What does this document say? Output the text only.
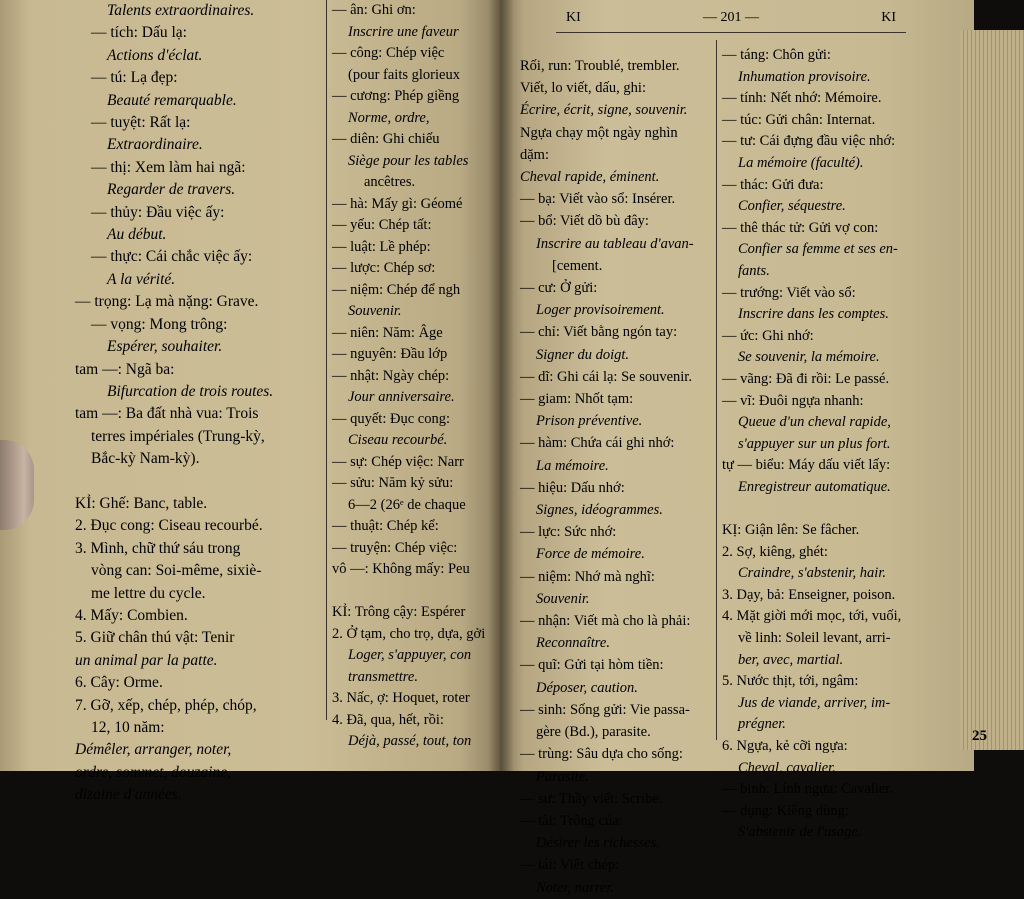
KI	— 201 —	KI
Talents extraordinaires.
— tích: Dấu lạ:
Actions d'éclat.
— tú: Lạ đẹp:
Beauté remarquable.
— tuyệt: Rất lạ:
Extraordinaire.
— thị: Xem làm hai ngã:
Regarder de travers.
— thủy: Đầu việc ấy:
Au début.
— thực: Cái chắc việc ấy:
A la vérité.
— trọng: Lạ mà nặng: Grave.
— vọng: Mong trông:
Espérer, souhaiter.
tam —: Ngã ba:
Bifurcation de trois routes.
tam —: Ba đất nhà vua: Trois
terres impériales (Trung-kỳ,
Bắc-kỳ Nam-kỳ).

KỈ: Ghế: Banc, table.
2. Đục cong: Ciseau recourbé.
3. Mình, chữ thứ sáu trong
vòng can: Soi-même, sixiè-
me lettre du cycle.
4. Mấy: Combien.
5. Giữ chân thú vật: Tenir
un animal par la patte.
6. Cây: Orme.
7. Gỡ, xếp, chép, phép, chóp,
12, 10 năm:
Démêler, arranger, noter,
ordre, sommet, douzaine,
dizaine d'années.
— ân: Ghi ơn:
Inscrire une faveur
— công: Chép việc
(pour faits glorieux
— cương: Phép giềng
Norme, ordre,
— diên: Ghi chiếu
Siège pour les tables
ancêtres.
— hà: Mấy gì: Géomé
— yếu: Chép tất:
— luật: Lề phép:
— lược: Chép sơ:
— niệm: Chép để ngh
Souvenir.
— niên: Năm: Âge
— nguyên: Đầu lớp
— nhật: Ngày chép:
Jour anniversaire.
— quyết: Đục cong:
Ciseau recourbé.
— sự: Chép việc: Narr
— sửu: Năm kỷ sửu:
6—2 (26ᵉ de chaque
— thuật: Chép kể:
— truyện: Chép việc:
vô —: Không mấy: Peu

KỈ: Trông cậy: Espérer
2. Ở tạm, cho trọ, dựa, gởi
Loger, s'appuyer, con
transmettre.
3. Nấc, ợ: Hoquet, roter
4. Đã, qua, hết, rồi:
Déjà, passé, tout, ton
Rối, run: Troublé, trembler.
Viết, lo viết, dấu, ghi:
Écrire, écrit, signe, souvenir.
Ngựa chạy một ngày nghìn
dặm:
Cheval rapide, éminent.
— bạ: Viết vào sổ: Insérer.
— bổ: Viết dồ bù đây:
Inscrire au tableau d'avan-
[cement.
— cư: Ở gửi:
Loger provisoirement.
— chỉ: Viết bằng ngón tay:
Signer du doigt.
— dĩ: Ghi cái lạ: Se souvenir.
— giam: Nhốt tạm:
Prison préventive.
— hàm: Chứa cái ghi nhớ:
La mémoire.
— hiệu: Dấu nhớ:
Signes, idéogrammes.
— lực: Sức nhớ:
Force de mémoire.
— niệm: Nhớ mà nghĩ:
Souvenir.
— nhận: Viết mà cho là phải:
Reconnaître.
— quĩ: Gửi tại hòm tiền:
Déposer, caution.
— sinh: Sống gửi: Vie passa-
gère (Bd.), parasite.
— trùng: Sâu dựa cho sống:
Parasite.
— sư: Thầy viết: Scribe.
— tài: Trông của:
Désirer les richesses.
— tái: Viết chép:
Noter, narrer.
— táng: Chôn gửi:
Inhumation provisoire.
— tính: Nết nhớ: Mémoire.
— túc: Gửi chân: Internat.
— tư: Cái đựng đầu việc nhớ:
La mémoire (faculté).
— thác: Gửi đưa:
Confier, séquestre.
— thê thác tử: Gửi vợ con:
Confier sa femme et ses en-
fants.
— trướng: Viết vào sổ:
Inscrire dans les comptes.
— ức: Ghi nhớ:
Se souvenir, la mémoire.
— vãng: Đã đi rồi: Le passé.
— vĩ: Đuôi ngựa nhanh:
Queue d'un cheval rapide,
s'appuyer sur un plus fort.
tự — biểu: Máy dấu viết lấy:
Enregistreur automatique.

KỊ: Giận lên: Se fâcher.
2. Sợ, kiêng, ghét:
Craindre, s'abstenir, hair.
3. Dạy, bả: Enseigner, poison.
4. Mặt giời mới mọc, tới, vuối,
về linh: Soleil levant, arri-
ber, avec, martial.
5. Nước thịt, tới, ngâm:
Jus de viande, arriver, im-
prégner.
6. Ngựa, kẻ cỡi ngựa:
Cheval, cavalier.
— binh: Lính ngựa: Cavalier.
— dụng: Kiêng dùng:
S'abstenir de l'usage.
25
